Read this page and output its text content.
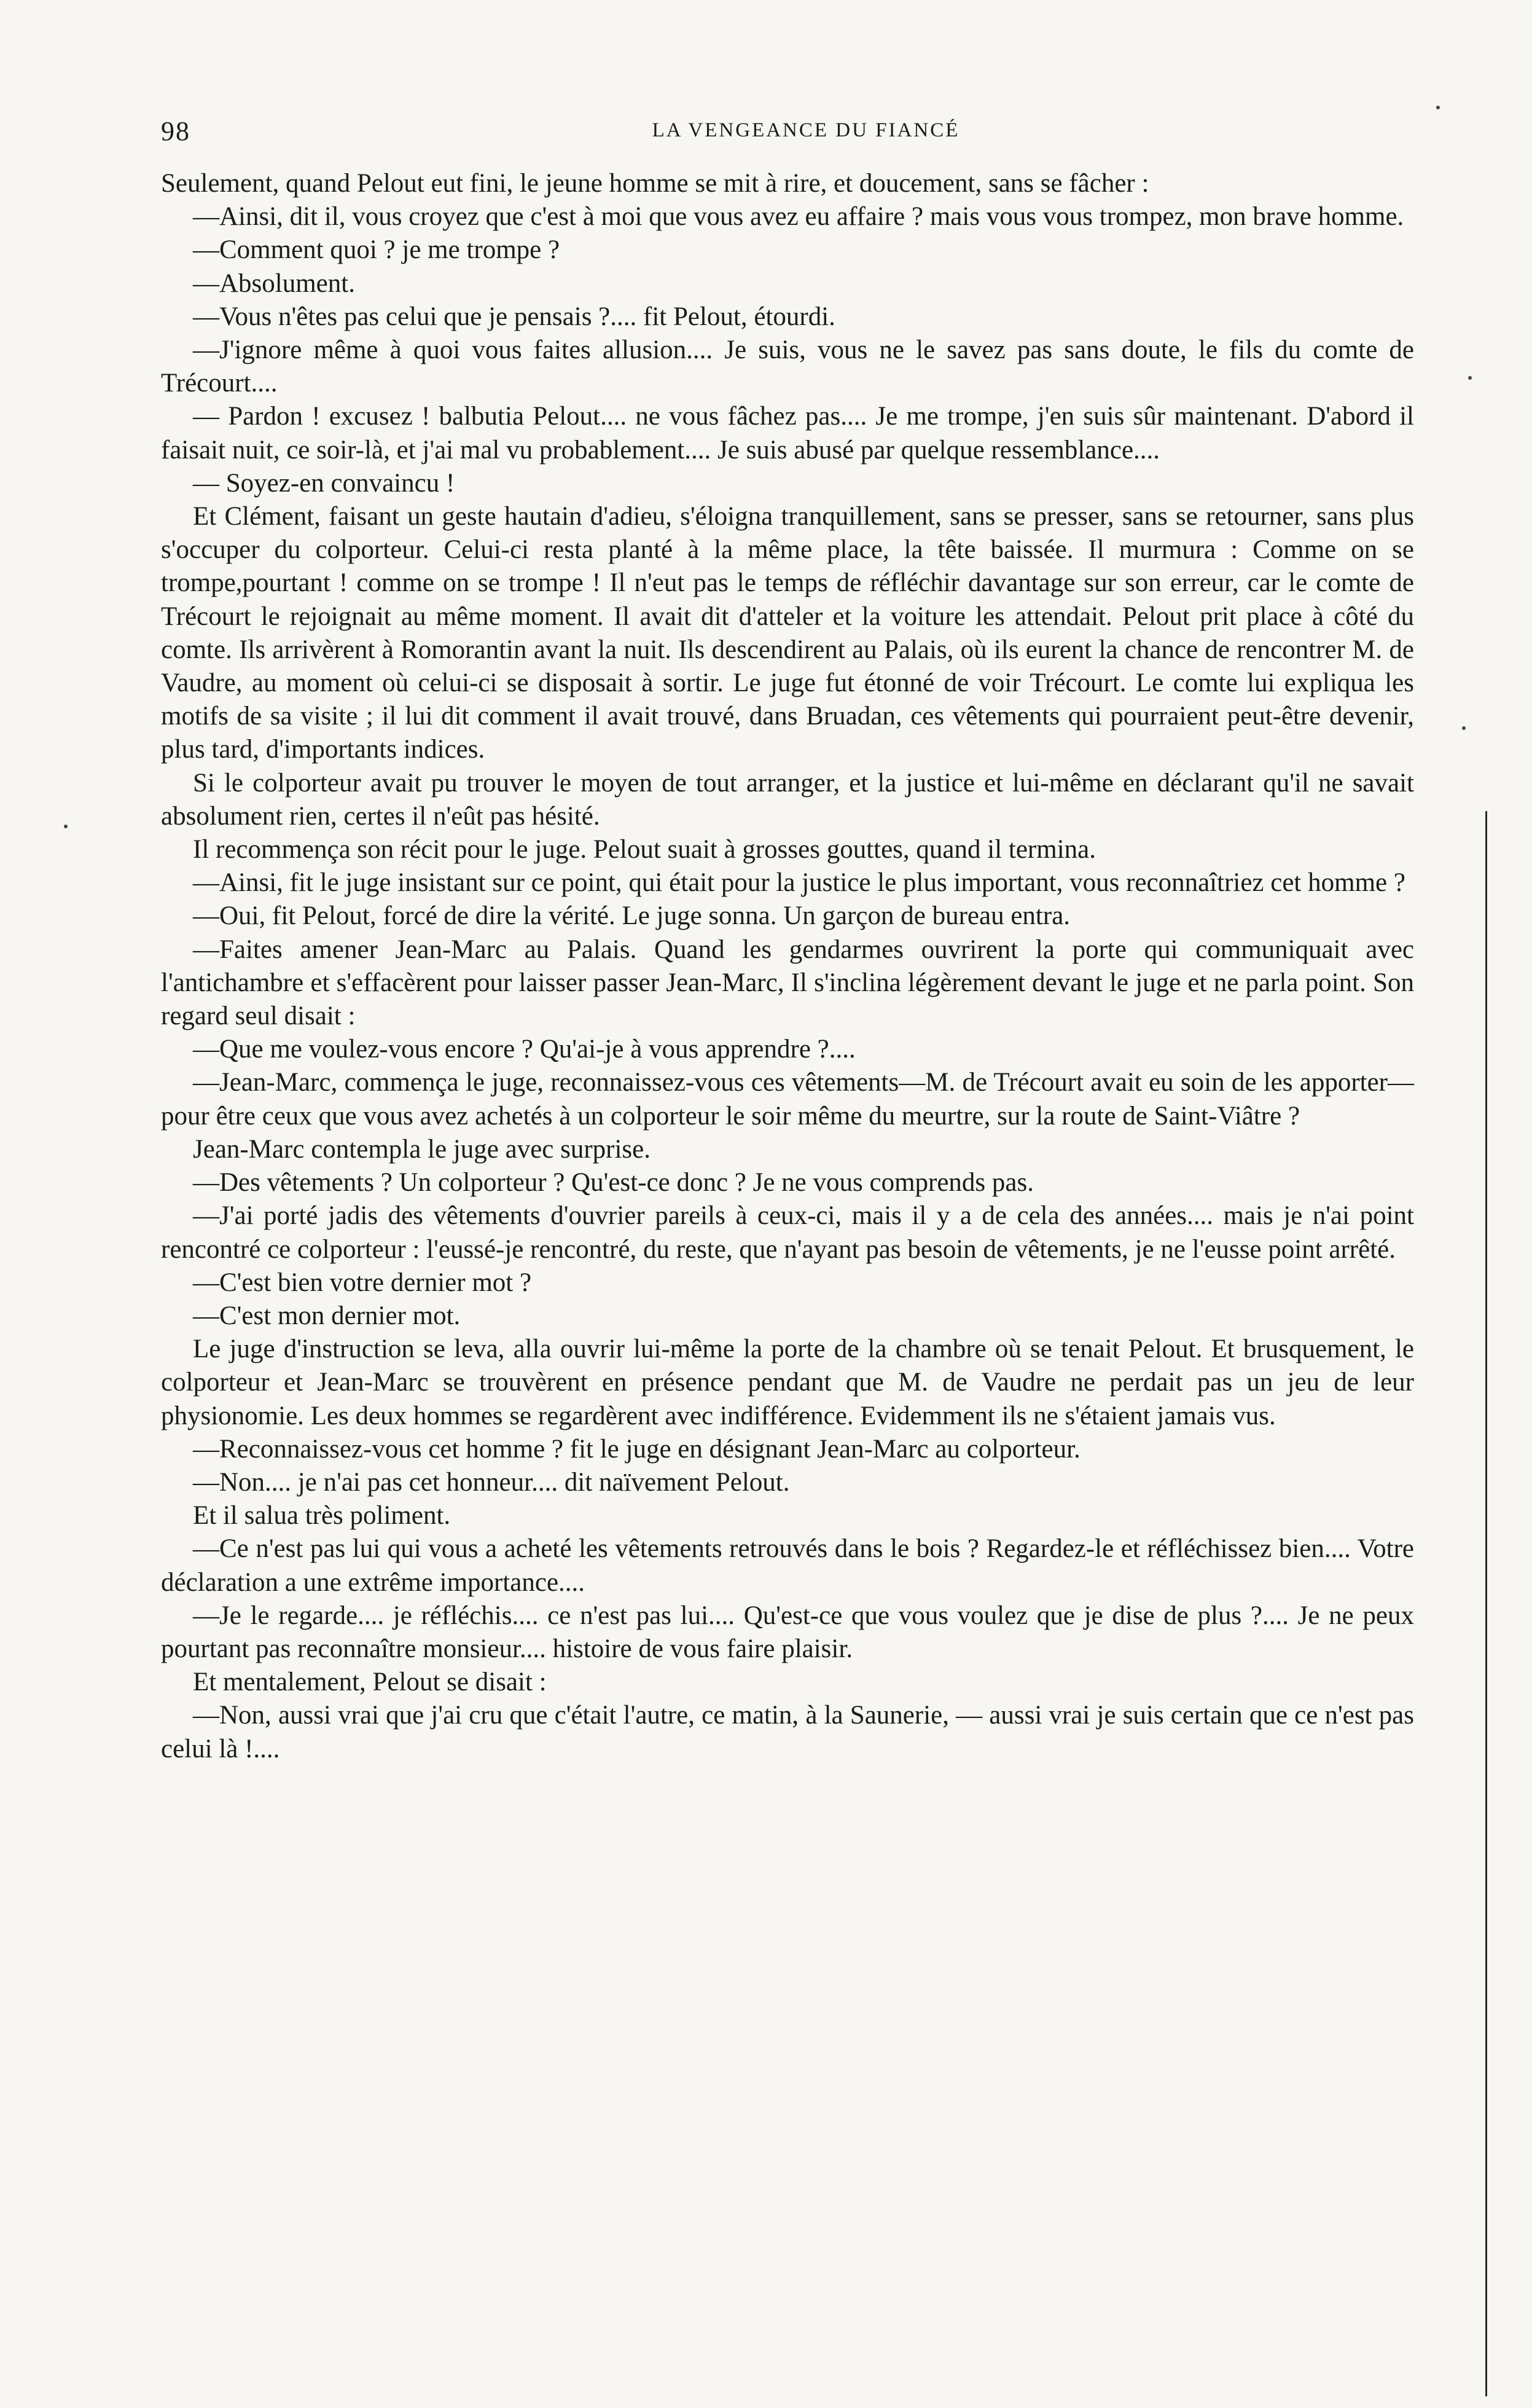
98	LA VENGEANCE DU FIANCÉ

Seulement, quand Pelout eut fini, le jeune homme se mit à rire, et doucement, sans se fâcher :

—Ainsi, dit il, vous croyez que c'est à moi que vous avez eu affaire ? mais vous vous trompez, mon brave homme.

—Comment quoi ? je me trompe ?

—Absolument.

—Vous n'êtes pas celui que je pensais ?.... fit Pelout, étourdi.

—J'ignore même à quoi vous faites allusion.... Je suis, vous ne le savez pas sans doute, le fils du comte de Trécourt....

— Pardon ! excusez ! balbutia Pelout.... ne vous fâchez pas.... Je me trompe, j'en suis sûr maintenant. D'abord il faisait nuit, ce soir-là, et j'ai mal vu probablement.... Je suis abusé par quelque ressemblance....

— Soyez-en convaincu !

Et Clément, faisant un geste hautain d'adieu, s'éloigna tranquillement, sans se presser, sans se retourner, sans plus s'occuper du colporteur. Celui-ci resta planté à la même place, la tête baissée. Il murmura : Comme on se trompe,pourtant ! comme on se trompe ! Il n'eut pas le temps de réfléchir davantage sur son erreur, car le comte de Trécourt le rejoignait au même moment. Il avait dit d'atteler et la voiture les attendait. Pelout prit place à côté du comte. Ils arrivèrent à Romorantin avant la nuit. Ils descendirent au Palais, où ils eurent la chance de rencontrer M. de Vaudre, au moment où celui-ci se disposait à sortir. Le juge fut étonné de voir Trécourt. Le comte lui expliqua les motifs de sa visite ; il lui dit comment il avait trouvé, dans Bruadan, ces vêtements qui pourraient peut-être devenir, plus tard, d'importants indices.

Si le colporteur avait pu trouver le moyen de tout arranger, et la justice et lui-même en déclarant qu'il ne savait absolument rien, certes il n'eût pas hésité.

Il recommença son récit pour le juge. Pelout suait à grosses gouttes, quand il termina.

—Ainsi, fit le juge insistant sur ce point, qui était pour la justice le plus important, vous reconnaîtriez cet homme ?

—Oui, fit Pelout, forcé de dire la vérité. Le juge sonna. Un garçon de bureau entra.

—Faites amener Jean-Marc au Palais. Quand les gendarmes ouvrirent la porte qui communiquait avec l'antichambre et s'effacèrent pour laisser passer Jean-Marc, Il s'inclina légèrement devant le juge et ne parla point. Son regard seul disait :

—Que me voulez-vous encore ? Qu'ai-je à vous apprendre ?....

—Jean-Marc, commença le juge, reconnaissez-vous ces vêtements—M. de Trécourt avait eu soin de les apporter—pour être ceux que vous avez achetés à un colporteur le soir même du meurtre, sur la route de Saint-Viâtre ?

Jean-Marc contempla le juge avec surprise.

—Des vêtements ? Un colporteur ? Qu'est-ce donc ? Je ne vous comprends pas.

—J'ai porté jadis des vêtements d'ouvrier pareils à ceux-ci, mais il y a de cela des années.... mais je n'ai point rencontré ce colporteur : l'eussé-je rencontré, du reste, que n'ayant pas besoin de vêtements, je ne l'eusse point arrêté.

—C'est bien votre dernier mot ?

—C'est mon dernier mot.

Le juge d'instruction se leva, alla ouvrir lui-même la porte de la chambre où se tenait Pelout. Et brusquement, le colporteur et Jean-Marc se trouvèrent en présence pendant que M. de Vaudre ne perdait pas un jeu de leur physionomie. Les deux hommes se regardèrent avec indifférence. Evidemment ils ne s'étaient jamais vus.

—Reconnaissez-vous cet homme ? fit le juge en désignant Jean-Marc au colporteur.

—Non.... je n'ai pas cet honneur.... dit naïvement Pelout.

Et il salua très poliment.

—Ce n'est pas lui qui vous a acheté les vêtements retrouvés dans le bois ? Regardez-le et réfléchissez bien.... Votre déclaration a une extrême importance....

—Je le regarde.... je réfléchis.... ce n'est pas lui.... Qu'est-ce que vous voulez que je dise de plus ?.... Je ne peux pourtant pas reconnaître monsieur.... histoire de vous faire plaisir.

Et mentalement, Pelout se disait :

—Non, aussi vrai que j'ai cru que c'était l'autre, ce matin, à la Saunerie, — aussi vrai je suis certain que ce n'est pas celui là !....
